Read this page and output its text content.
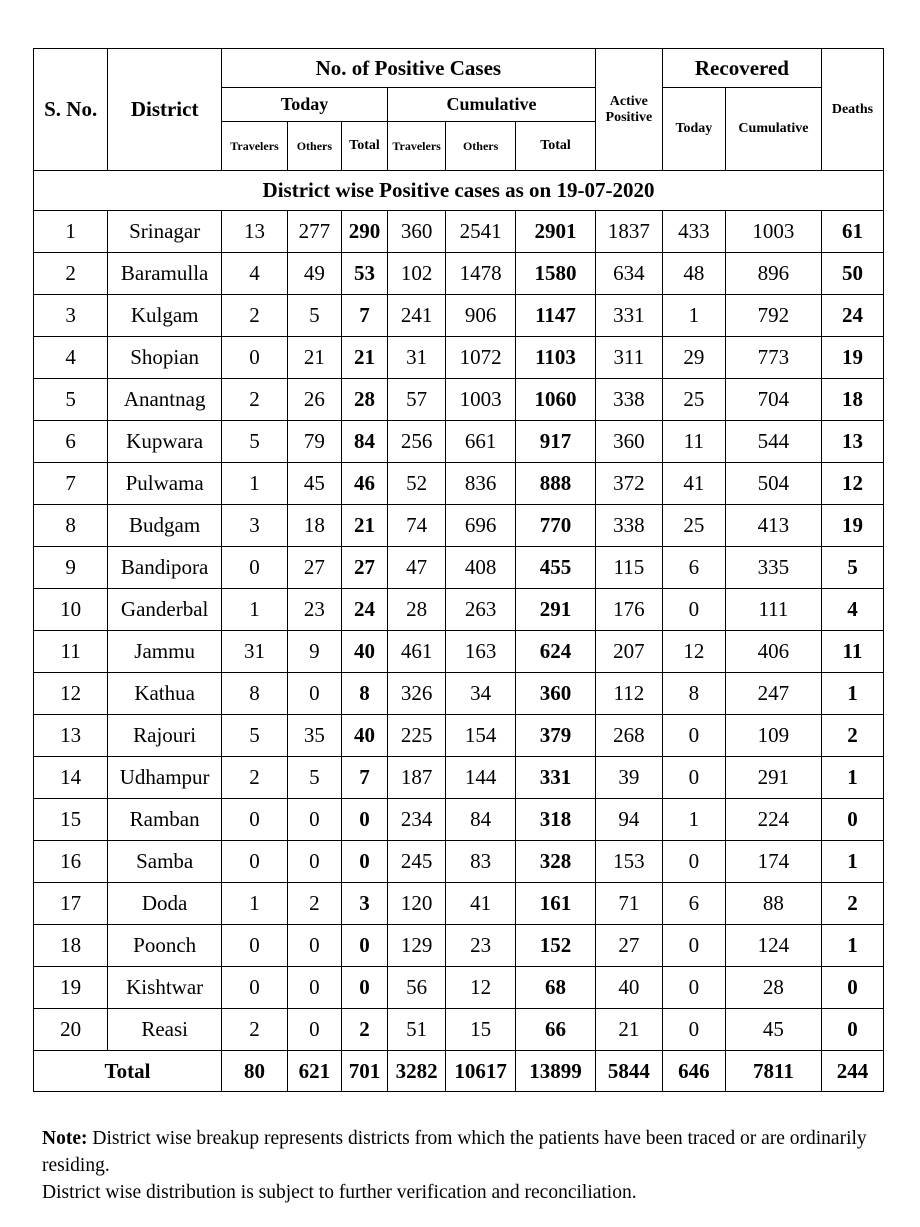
District wise Positive cases as on 19-07-2020											
S. No.	District	No. of Positive Cases						Active Positive	Recovered		Deaths
		Today			Cumulative				Today	Cumulative	
		Travelers	Others	Total	Travelers	Others	Total				
1	Srinagar	13	277	290	360	2541	2901	1837	433	1003	61
2	Baramulla	4	49	53	102	1478	1580	634	48	896	50
3	Kulgam	2	5	7	241	906	1147	331	1	792	24
4	Shopian	0	21	21	31	1072	1103	311	29	773	19
5	Anantnag	2	26	28	57	1003	1060	338	25	704	18
6	Kupwara	5	79	84	256	661	917	360	11	544	13
7	Pulwama	1	45	46	52	836	888	372	41	504	12
8	Budgam	3	18	21	74	696	770	338	25	413	19
9	Bandipora	0	27	27	47	408	455	115	6	335	5
10	Ganderbal	1	23	24	28	263	291	176	0	111	4
11	Jammu	31	9	40	461	163	624	207	12	406	11
12	Kathua	8	0	8	326	34	360	112	8	247	1
13	Rajouri	5	35	40	225	154	379	268	0	109	2
14	Udhampur	2	5	7	187	144	331	39	0	291	1
15	Ramban	0	0	0	234	84	318	94	1	224	0
16	Samba	0	0	0	245	83	328	153	0	174	1
17	Doda	1	2	3	120	41	161	71	6	88	2
18	Poonch	0	0	0	129	23	152	27	0	124	1
19	Kishtwar	0	0	0	56	12	68	40	0	28	0
20	Reasi	2	0	2	51	15	66	21	0	45	0
Total		80	621	701	3282	10617	13899	5844	646	7811	244

Note: District wise breakup represents districts from which the patients have been traced or are ordinarily residing.

District wise distribution is subject to further verification and reconciliation.
